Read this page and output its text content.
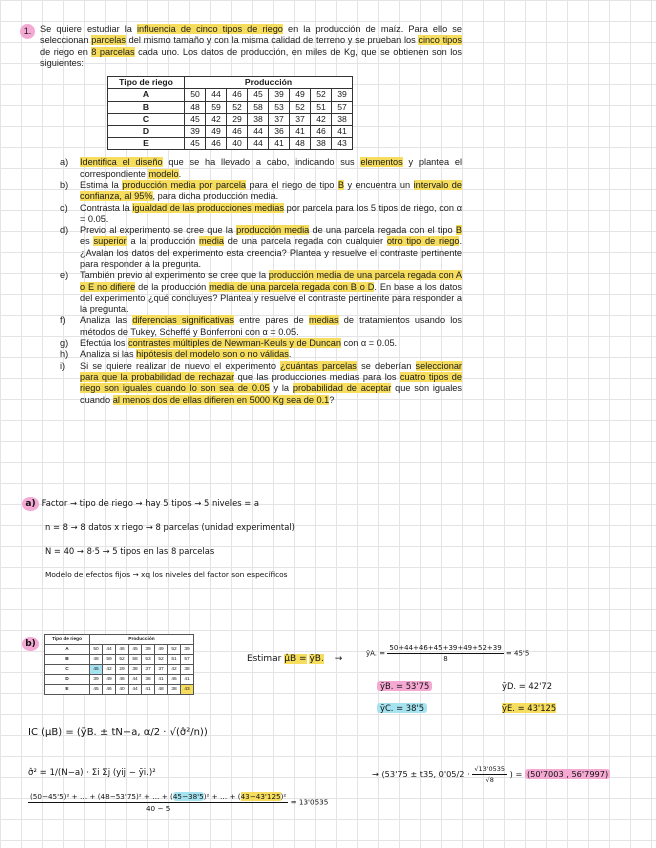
1. Se quiere estudiar la influencia de cinco tipos de riego en la producción de maíz. Para ello se seleccionan parcelas del mismo tamaño y con la misma calidad de terreno y se prueban los cinco tipos de riego en 8 parcelas cada uno. Los datos de producción, en miles de Kg, que se obtienen son los siguientes:
Tipo de riego	Producción							
A	50	44	46	45	39	49	52	39
B	48	59	52	58	53	52	51	57
C	45	42	29	38	37	37	42	38
D	39	49	46	44	36	41	46	41
E	45	46	40	44	41	48	38	43
a) Identifica el diseño que se ha llevado a cabo, indicando sus elementos y plantea el correspondiente modelo.
b) Estima la producción media por parcela para el riego de tipo B y encuentra un intervalo de confianza, al 95%, para dicha producción media.
c) Contrasta la igualdad de las producciones medias por parcela para los 5 tipos de riego, con α = 0.05.
d) Previo al experimento se cree que la producción media de una parcela regada con el tipo B es superior a la producción media de una parcela regada con cualquier otro tipo de riego. ¿Avalan los datos del experimento esta creencia? Plantea y resuelve el contraste pertinente para responder a la pregunta.
e) También previo al experimento se cree que la producción media de una parcela regada con A o E no difiere de la producción media de una parcela regada con B o D. En base a los datos del experimento ¿qué concluyes? Plantea y resuelve el contraste pertinente para responder a la pregunta.
f) Analiza las diferencias significativas entre pares de medias de tratamientos usando los métodos de Tukey, Scheffé y Bonferroni con α = 0.05.
g) Efectúa los contrastes múltiples de Newman-Keuls y de Duncan con α = 0.05.
h) Analiza si las hipótesis del modelo son o no válidas.
i) Si se quiere realizar de nuevo el experimento ¿cuántas parcelas se deberían seleccionar para que la probabilidad de rechazar que las producciones medias para los cuatro tipos de riego son iguales cuando lo son sea de 0.05 y la probabilidad de aceptar que son iguales cuando al menos dos de ellas difieren en 5000 Kg sea de 0.1?
a) Factor → tipo de riego → hay 5 tipos → 5 niveles = a
n = 8 → 8 datos x riego → 8 parcelas (unidad experimental)
N = 40 → 8·5 → 5 tipos en las 8 parcelas
Modelo de efectos fijos → xq los niveles del factor son específicos
b)	Tipo de riego	Producción							
A	50	44	46	45	39	49	52	39
B	48	59	52	58	53	52	51	57
C	45	42	29	38	37	37	42	38
D	39	49	46	44	36	41	46	41
E	45	46	40	44	41	48	38	43
Estimar μ̂B = ȳB. →
ȳA. = $\frac{50+44+46+45+39+49+52+39}{8} = 45'5$
ȳB. = 53'75	ȳD. = 42'72
ȳC. = 38'5	ȳE. = 43'125
IC (μB) = (ȳB. ± tN−a, α/2 · √(σ̂²/n))
σ̂² = 1/(N−a) · Σi Σj (yij − ȳi.)²	→ (53'75 ± t35, $0'05/2 \cdot \frac{√13'0535}{√8}$ ) = (50'7003 , 56'7997)
(50−45'5)² + … + (48−53'75)² + … + (45−38'5)² + … + (43−43'125)²
40 − 5
= 13'0535
